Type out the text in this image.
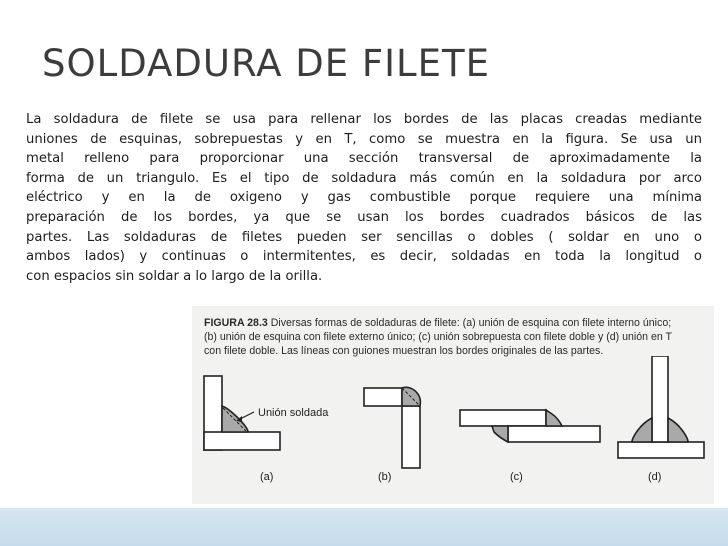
SOLDADURA DE FILETE

La soldadura de filete se usa para rellenar los bordes de las placas creadas mediante
uniones de esquinas, sobrepuestas y en T, como se muestra en la figura. Se usa un
metal relleno para proporcionar una sección transversal de aproximadamente la
forma de un triangulo. Es el tipo de soldadura más común en la soldadura por arco
eléctrico y en la de oxigeno y gas combustible porque requiere una mínima
preparación de los bordes, ya que se usan los bordes cuadrados básicos de las
partes. Las soldaduras de filetes pueden ser sencillas o dobles ( soldar en uno o
ambos lados) y continuas o intermitentes, es decir, soldadas en toda la longitud o
con espacios sin soldar a lo largo de la orilla.

FIGURA 28.3 Diversas formas de soldaduras de filete: (a) unión de esquina con filete interno único;
(b) unión de esquina con filete externo único; (c) unión sobrepuesta con filete doble y (d) unión en T
con filete doble. Las líneas con guiones muestran los bordes originales de las partes.
Unión soldada
(a)	(b)	(c)	(d)
